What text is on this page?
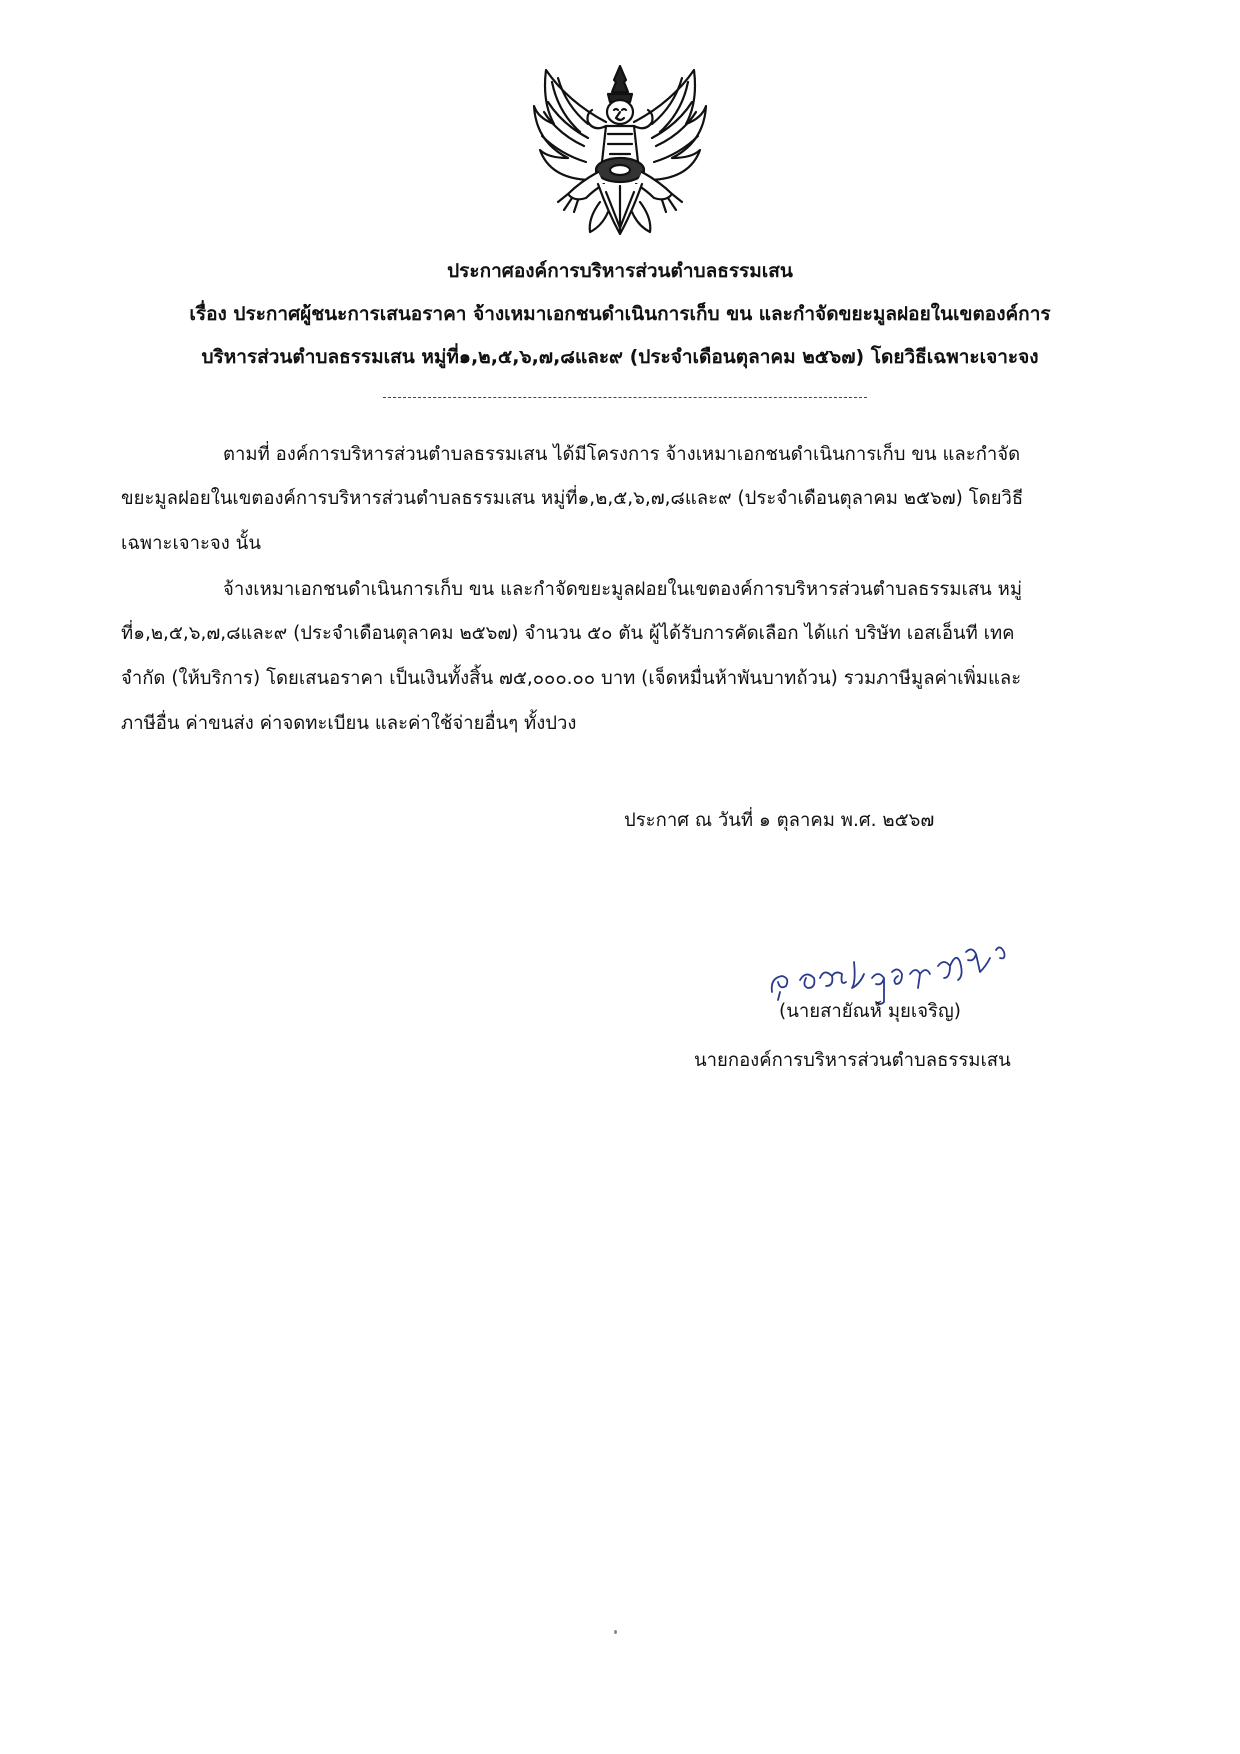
ประกาศองค์การบริหารส่วนตำบลธรรมเสน
เรื่อง ประกาศผู้ชนะการเสนอราคา จ้างเหมาเอกชนดำเนินการเก็บ ขน และกำจัดขยะมูลฝอยในเขตองค์การ
บริหารส่วนตำบลธรรมเสน หมู่ที่๑,๒,๕,๖,๗,๘และ๙ (ประจำเดือนตุลาคม ๒๕๖๗) โดยวิธีเฉพาะเจาะจง
ตามที่ องค์การบริหารส่วนตำบลธรรมเสน ได้มีโครงการ จ้างเหมาเอกชนดำเนินการเก็บ ขน และกำจัด
ขยะมูลฝอยในเขตองค์การบริหารส่วนตำบลธรรมเสน หมู่ที่๑,๒,๕,๖,๗,๘และ๙ (ประจำเดือนตุลาคม ๒๕๖๗) โดยวิธี
เฉพาะเจาะจง นั้น
จ้างเหมาเอกชนดำเนินการเก็บ ขน และกำจัดขยะมูลฝอยในเขตองค์การบริหารส่วนตำบลธรรมเสน หมู่
ที่๑,๒,๕,๖,๗,๘และ๙ (ประจำเดือนตุลาคม ๒๕๖๗) จำนวน ๕๐ ตัน ผู้ได้รับการคัดเลือก ได้แก่ บริษัท เอสเอ็นที เทค
จำกัด (ให้บริการ) โดยเสนอราคา เป็นเงินทั้งสิ้น ๗๕,๐๐๐.๐๐ บาท (เจ็ดหมื่นห้าพันบาทถ้วน) รวมภาษีมูลค่าเพิ่มและ
ภาษีอื่น ค่าขนส่ง ค่าจดทะเบียน และค่าใช้จ่ายอื่นๆ ทั้งปวง
ประกาศ ณ วันที่ ๑ ตุลาคม พ.ศ. ๒๕๖๗
(นายสายัณห์ มุยเจริญ)
นายกองค์การบริหารส่วนตำบลธรรมเสน
